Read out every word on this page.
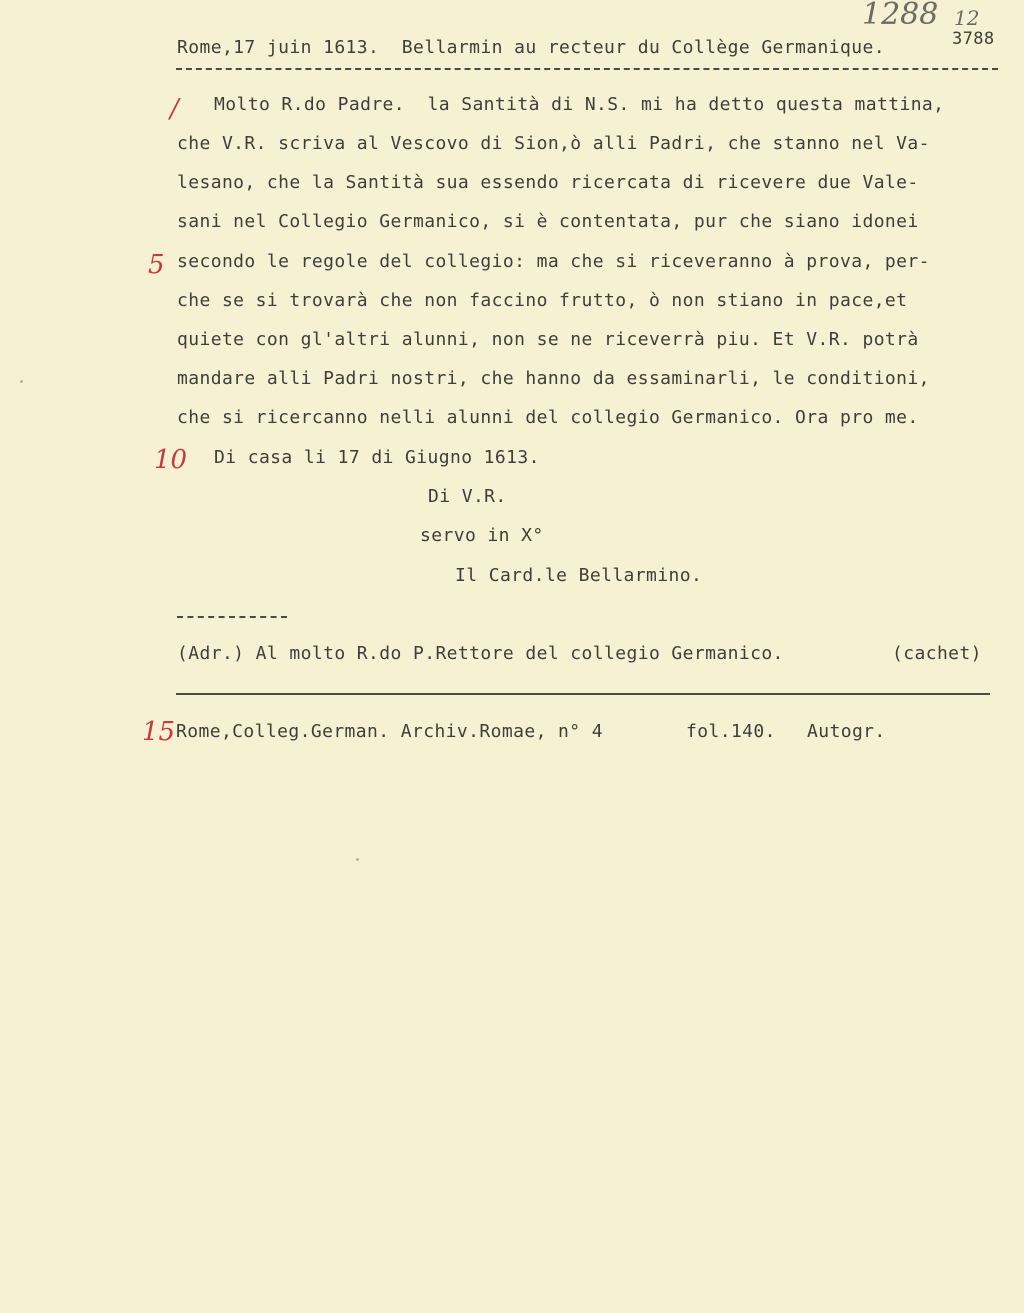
1288 12
Rome,17 juin 1613.  Bellarmin au recteur du Collège Germanique.	3788
/
5
10
15
Molto R.do Padre.  la Santità di N.S. mi ha detto questa mattina,
che V.R. scriva al Vescovo di Sion,ò alli Padri, che stanno nel Va-
lesano, che la Santità sua essendo ricercata di ricevere due Vale-
sani nel Collegio Germanico, si è contentata, pur che siano idonei
secondo le regole del collegio: ma che si riceveranno à prova, per-
che se si trovarà che non faccino frutto, ò non stiano in pace,et
quiete con gl'altri alunni, non se ne riceverrà piu. Et V.R. potrà
mandare alli Padri nostri, che hanno da essaminarli, le conditioni,
che si ricercanno nelli alunni del collegio Germanico. Ora pro me.
Di casa li 17 di Giugno 1613.
Di V.R.
servo in X°
Il Card.le Bellarmino.
(Adr.) Al molto R.do P.Rettore del collegio Germanico.	(cachet)
Rome,Colleg.German. Archiv.Romae, n° 4	fol.140. Autogr.
